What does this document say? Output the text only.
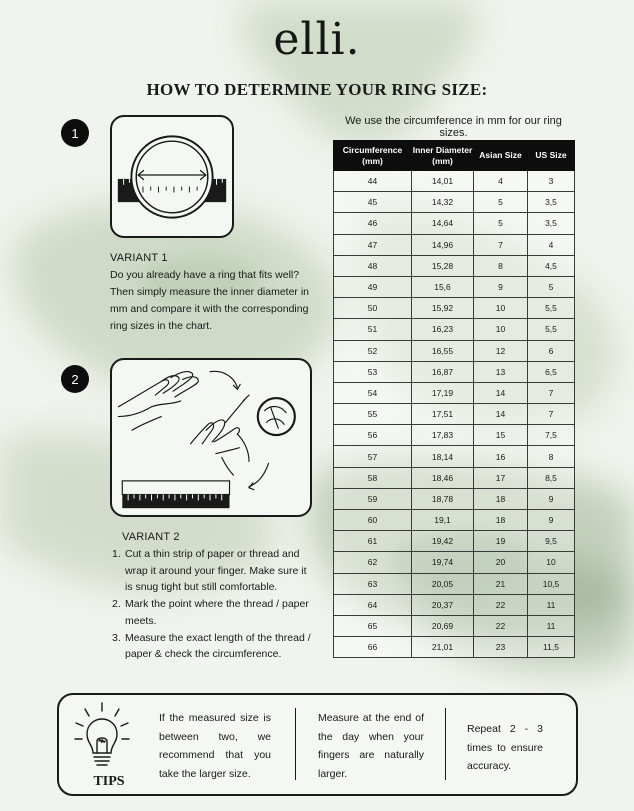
elli.
HOW TO DETERMINE YOUR RING SIZE:
We use the circumference in mm for our ring sizes.
1
VARIANT 1
Do you already have a ring that fits well? Then simply measure the inner diameter in mm and compare it with the corresponding ring sizes in the chart.
2
VARIANT 2
1. Cut a thin strip of paper or thread and wrap it around your finger. Make sure it is snug tight but still comfortable.
2. Mark the point where the thread / paper meets.
3. Measure the exact length of the thread / paper & check the circumference.
Circumference (mm)	Inner Diameter (mm)	Asian Size	US Size
44	14,01	4	3
45	14,32	5	3,5
46	14,64	5	3,5
47	14,96	7	4
48	15,28	8	4,5
49	15,6	9	5
50	15,92	10	5,5
51	16,23	10	5,5
52	16,55	12	6
53	16,87	13	6,5
54	17,19	14	7
55	17,51	14	7
56	17,83	15	7,5
57	18,14	16	8
58	18,46	17	8,5
59	18,78	18	9
60	19,1	18	9
61	19,42	19	9,5
62	19,74	20	10
63	20,05	21	10,5
64	20,37	22	11
65	20,69	22	11
66	21,01	23	11,5
TIPS
If the measured size is between two, we recommend that you take the larger size.
Measure at the end of the day when your fingers are naturally larger.
Repeat 2 - 3 times to ensure accuracy.
